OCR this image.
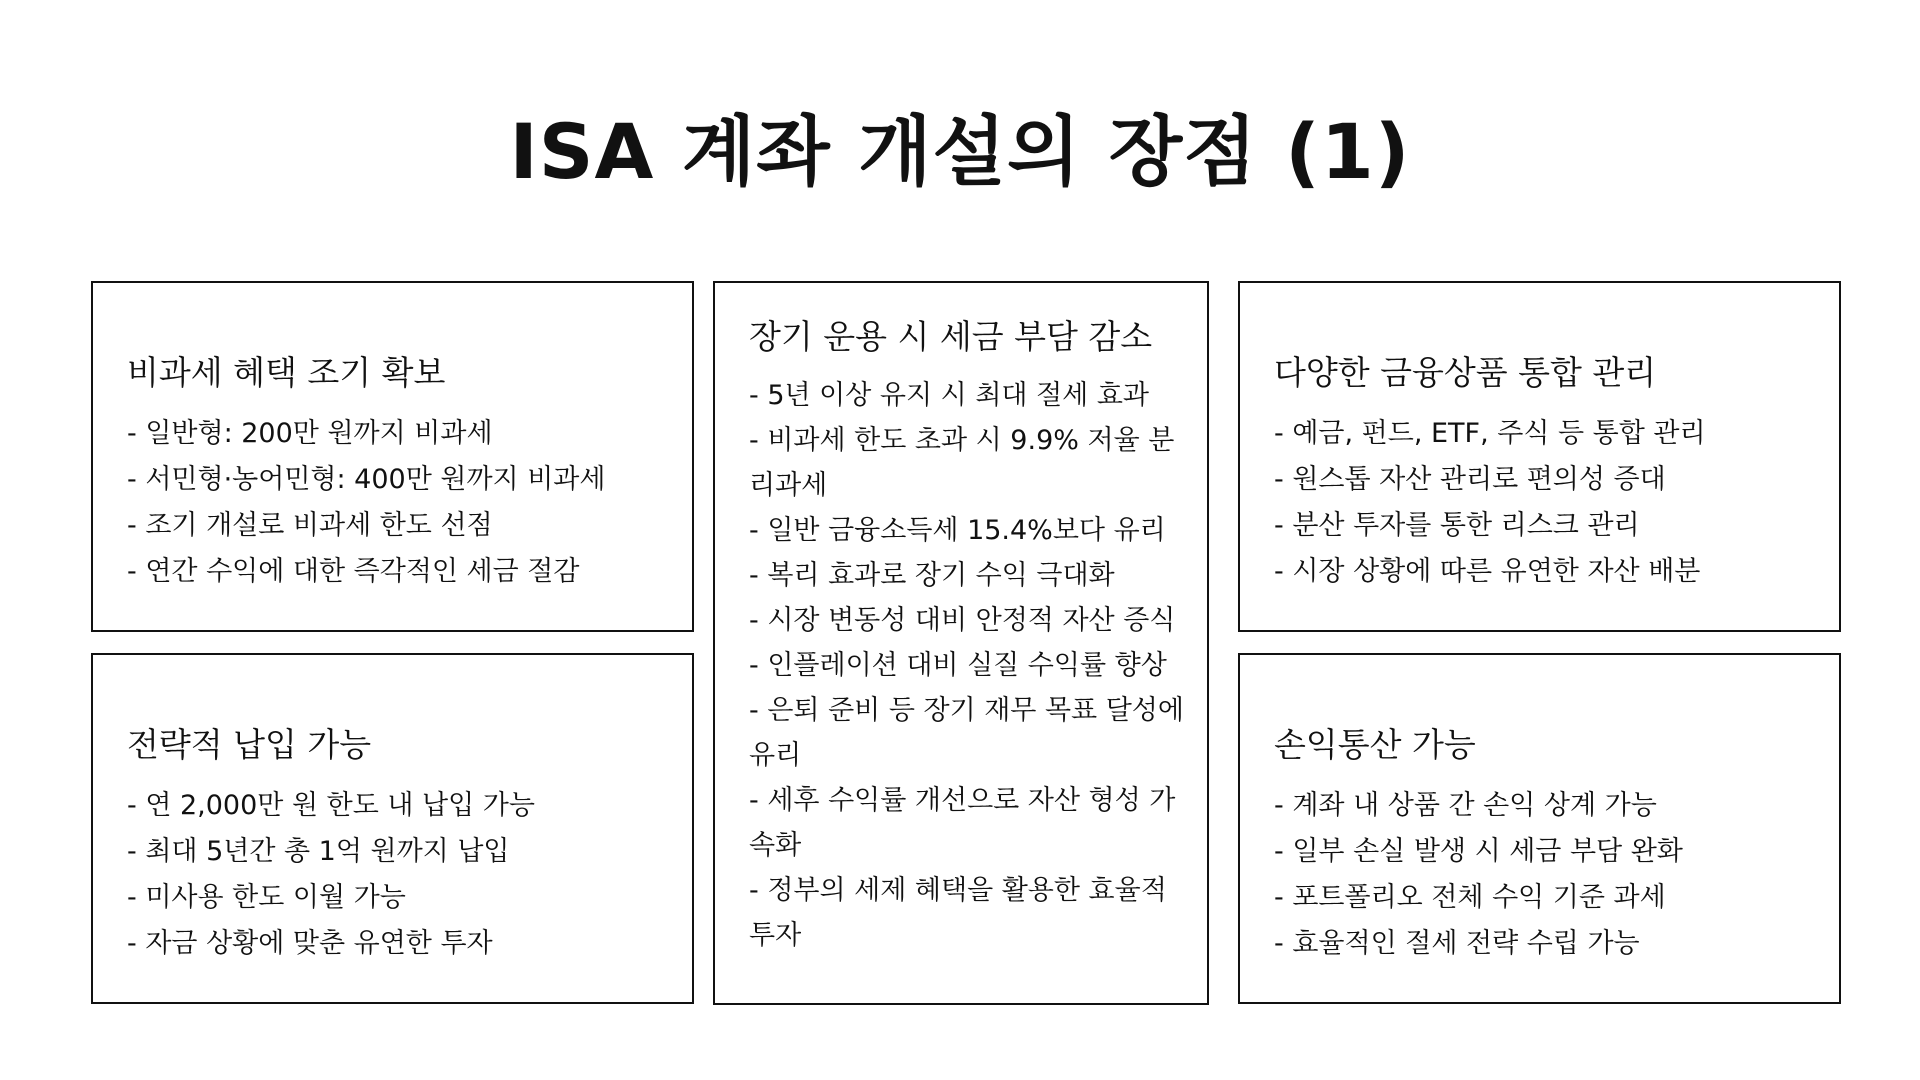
ISA 계좌 개설의 장점 (1)
비과세 혜택 조기 확보
- 일반형: 200만 원까지 비과세
- 서민형·농어민형: 400만 원까지 비과세
- 조기 개설로 비과세 한도 선점
- 연간 수익에 대한 즉각적인 세금 절감
장기 운용 시 세금 부담 감소
- 5년 이상 유지 시 최대 절세 효과
- 비과세 한도 초과 시 9.9% 저율 분리과세
- 일반 금융소득세 15.4%보다 유리
- 복리 효과로 장기 수익 극대화
- 시장 변동성 대비 안정적 자산 증식
- 인플레이션 대비 실질 수익률 향상
- 은퇴 준비 등 장기 재무 목표 달성에 유리
- 세후 수익률 개선으로 자산 형성 가속화
- 정부의 세제 혜택을 활용한 효율적 투자
다양한 금융상품 통합 관리
- 예금, 펀드, ETF, 주식 등 통합 관리
- 원스톱 자산 관리로 편의성 증대
- 분산 투자를 통한 리스크 관리
- 시장 상황에 따른 유연한 자산 배분
전략적 납입 가능
- 연 2,000만 원 한도 내 납입 가능
- 최대 5년간 총 1억 원까지 납입
- 미사용 한도 이월 가능
- 자금 상황에 맞춘 유연한 투자
손익통산 가능
- 계좌 내 상품 간 손익 상계 가능
- 일부 손실 발생 시 세금 부담 완화
- 포트폴리오 전체 수익 기준 과세
- 효율적인 절세 전략 수립 가능
